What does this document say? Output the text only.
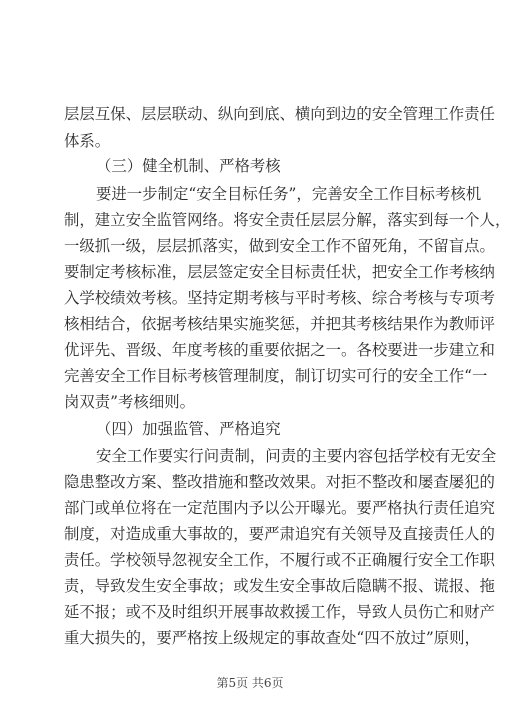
层层互保、层层联动、纵向到底、横向到边的安全管理工作责任
体系。
（三）健全机制、严格考核
要进一步制定“安全目标任务”，完善安全工作目标考核机
制，建立安全监管网络。将安全责任层层分解，落实到每一个人，
一级抓一级，层层抓落实，做到安全工作不留死角，不留盲点。
要制定考核标准，层层签定安全目标责任状，把安全工作考核纳
入学校绩效考核。坚持定期考核与平时考核、综合考核与专项考
核相结合，依据考核结果实施奖惩，并把其考核结果作为教师评
优评先、晋级、年度考核的重要依据之一。各校要进一步建立和
完善安全工作目标考核管理制度，制订切实可行的安全工作“一
岗双责”考核细则。
（四）加强监管、严格追究
安全工作要实行问责制，问责的主要内容包括学校有无安全
隐患整改方案、整改措施和整改效果。对拒不整改和屡查屡犯的
部门或单位将在一定范围内予以公开曝光。要严格执行责任追究
制度，对造成重大事故的，要严肃追究有关领导及直接责任人的
责任。学校领导忽视安全工作，不履行或不正确履行安全工作职
责，导致发生安全事故；或发生安全事故后隐瞒不报、谎报、拖
延不报；或不及时组织开展事故救援工作，导致人员伤亡和财产
重大损失的，要严格按上级规定的事故查处“四不放过”原则，
第5页 共6页
